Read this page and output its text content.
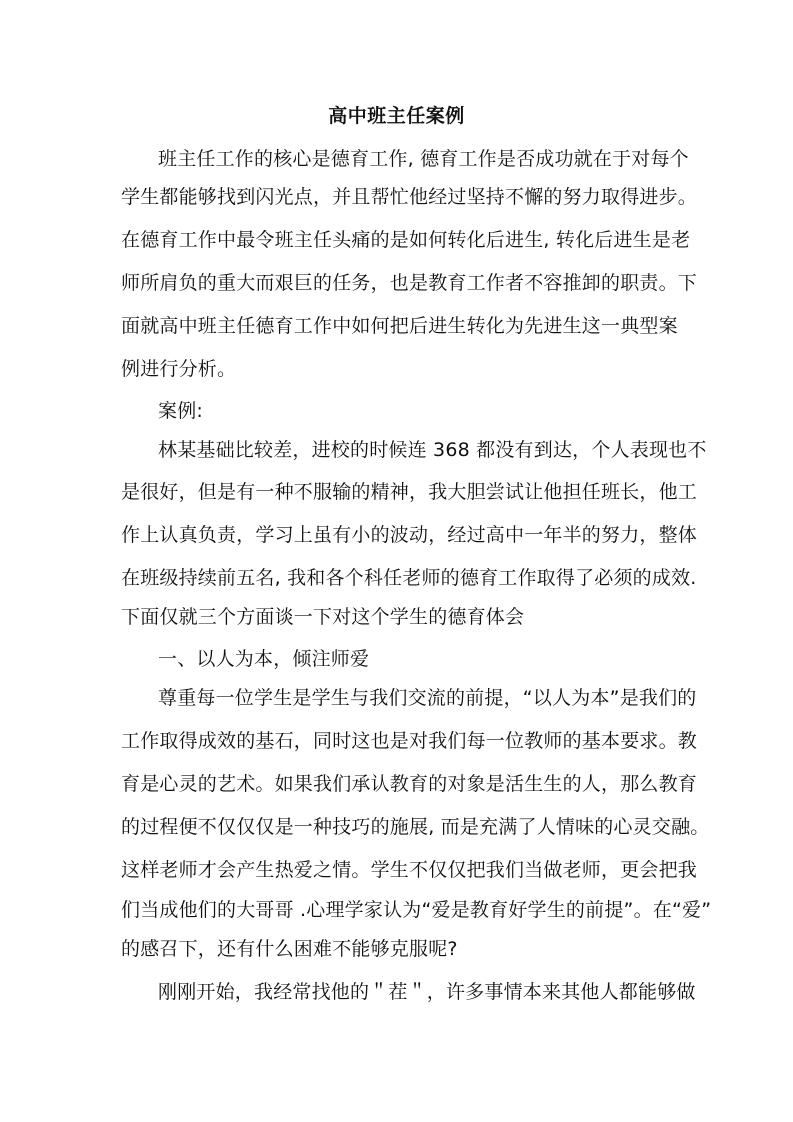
高中班主任案例
班主任工作的核心是德育工作, 德育工作是否成功就在于对每个
学生都能够找到闪光点，并且帮忙他经过坚持不懈的努力取得进步。
在德育工作中最令班主任头痛的是如何转化后进生, 转化后进生是老
师所肩负的重大而艰巨的任务，也是教育工作者不容推卸的职责。下
面就高中班主任德育工作中如何把后进生转化为先进生这一典型案
例进行分析。
案例:
林某基础比较差，进校的时候连 368 都没有到达，个人表现也不
是很好，但是有一种不服输的精神，我大胆尝试让他担任班长，他工
作上认真负责，学习上虽有小的波动，经过高中一年半的努力，整体
在班级持续前五名, 我和各个科任老师的德育工作取得了必须的成效.
下面仅就三个方面谈一下对这个学生的德育体会
一、以人为本，倾注师爱
尊重每一位学生是学生与我们交流的前提，“以人为本”是我们的
工作取得成效的基石，同时这也是对我们每一位教师的基本要求。教
育是心灵的艺术。如果我们承认教育的对象是活生生的人，那么教育
的过程便不仅仅仅是一种技巧的施展, 而是充满了人情味的心灵交融。
这样老师才会产生热爱之情。学生不仅仅把我们当做老师，更会把我
们当成他们的大哥哥 .心理学家认为“爱是教育好学生的前提”。在“爱”
的感召下，还有什么困难不能够克服呢?
刚刚开始，我经常找他的＂茬＂，许多事情本来其他人都能够做
